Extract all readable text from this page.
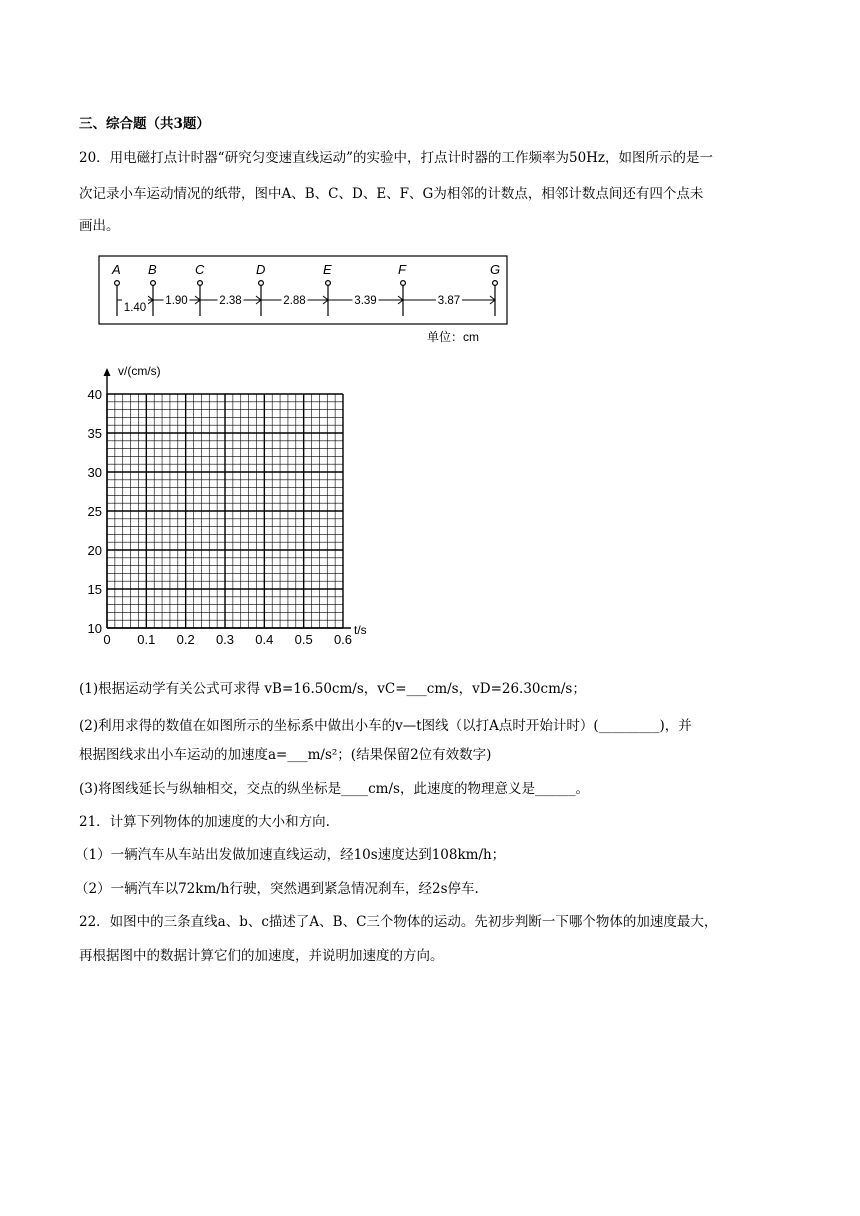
三、综合题（共3题）
20．用电磁打点计时器“研究匀变速直线运动”的实验中，打点计时器的工作频率为50Hz，如图所示的是一
次记录小车运动情况的纸带，图中A、B、C、D、E、F、G为相邻的计数点，相邻计数点间还有四个点未
画出。
A B	C	D	E	F	G
1.40
1.90	2.38	2.88	3.39	3.87
单位：cm
v/(cm/s)
t/s
40
35
30
25
20
15
10
0 0.1 0.2 0.3 0.4 0.5 0.6
(1)根据运动学有关公式可求得 vB=16.50cm/s，vC=___cm/s，vD=26.30cm/s；
(2)利用求得的数值在如图所示的坐标系中做出小车的v—t图线（以打A点时开始计时）(_________)，并
根据图线求出小车运动的加速度a=___m/s²；(结果保留2位有效数字)
(3)将图线延长与纵轴相交，交点的纵坐标是____cm/s，此速度的物理意义是______。
21．计算下列物体的加速度的大小和方向.
（1）一辆汽车从车站出发做加速直线运动，经10s速度达到108km/h；
（2）一辆汽车以72km/h行驶，突然遇到紧急情况刹车，经2s停车.
22．如图中的三条直线a、b、c描述了A、B、C三个物体的运动。先初步判断一下哪个物体的加速度最大，
再根据图中的数据计算它们的加速度，并说明加速度的方向。
